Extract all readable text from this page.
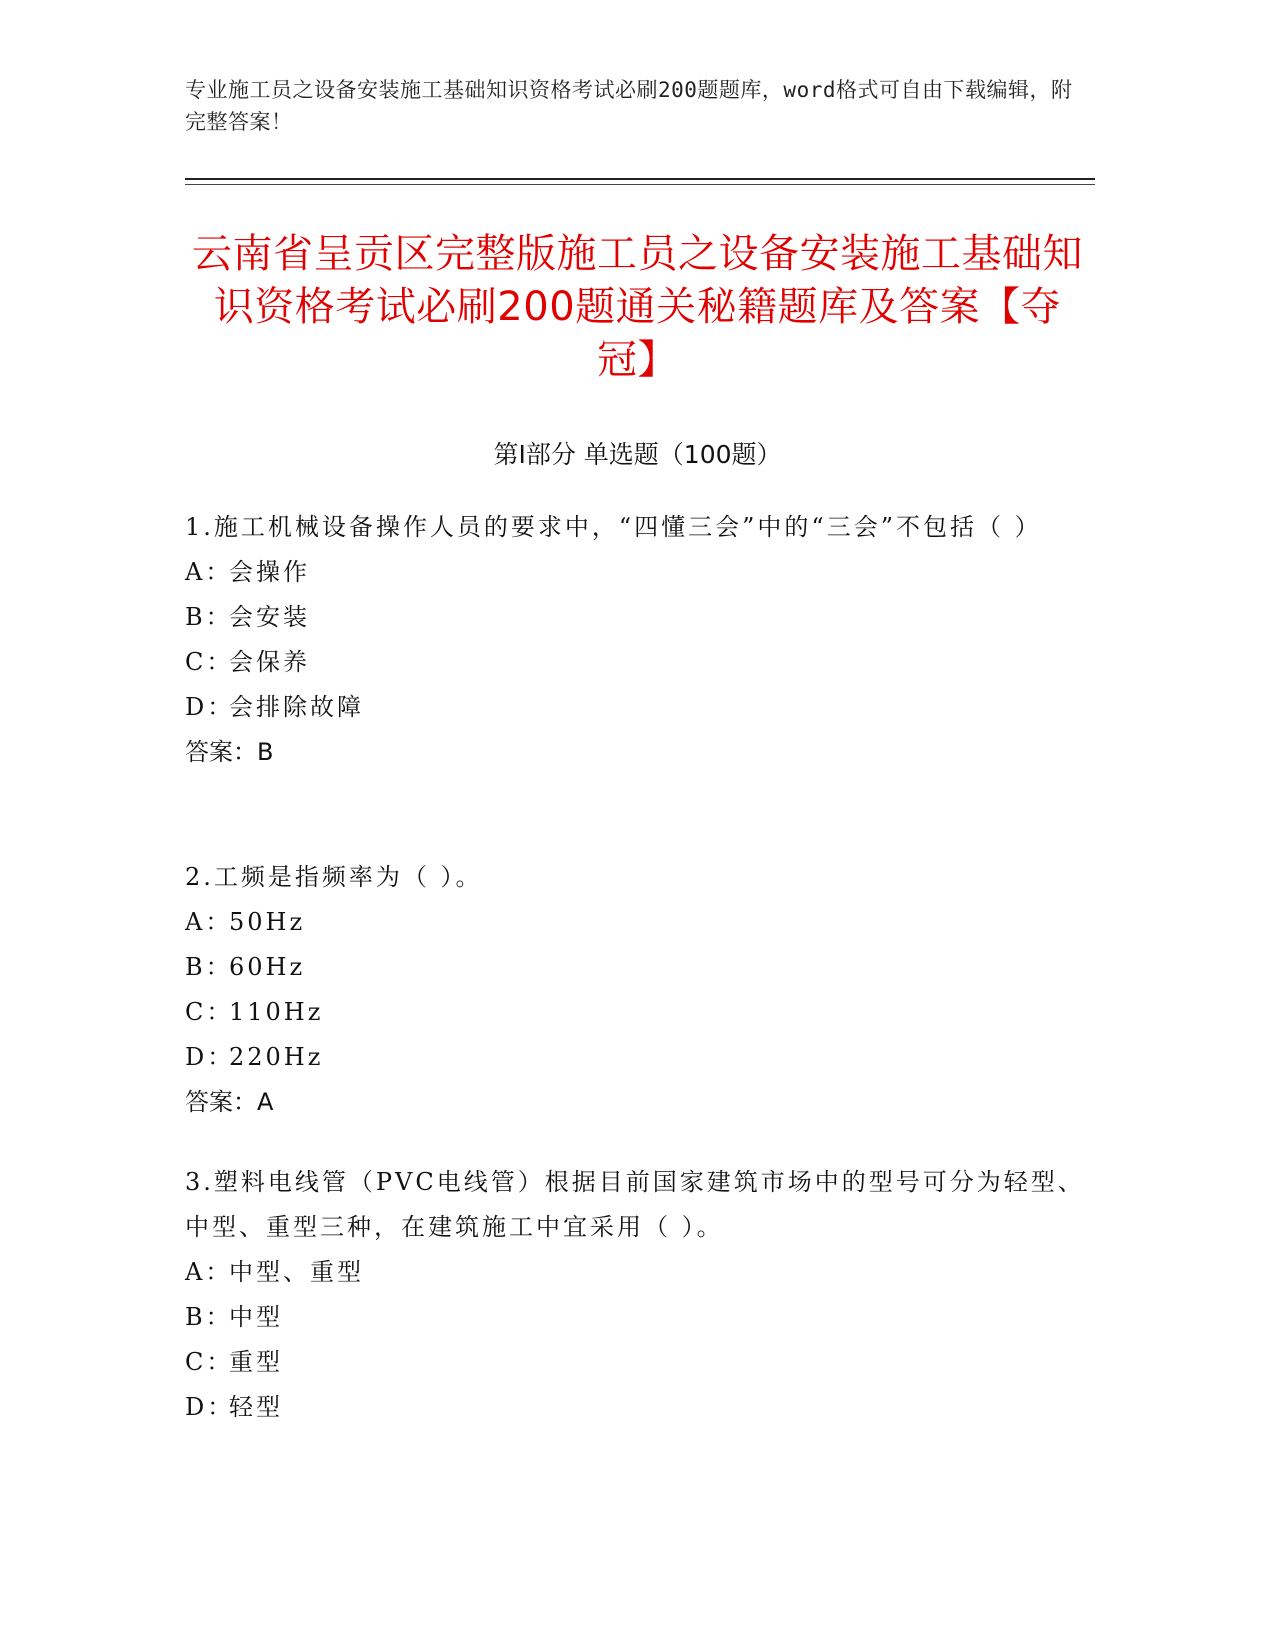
专业施工员之设备安装施工基础知识资格考试必刷200题题库，word格式可自由下载编辑，附完整答案！
云南省呈贡区完整版施工员之设备安装施工基础知识资格考试必刷200题通关秘籍题库及答案【夺冠】
第Ⅰ部分 单选题（100题）
1.施工机械设备操作人员的要求中，“四懂三会”中的“三会”不包括（ ）
A：会操作
B：会安装
C：会保养
D：会排除故障
答案：B
2.工频是指频率为（ ）。
A：50Hz
B：60Hz
C：110Hz
D：220Hz
答案：A
3.塑料电线管（PVC电线管）根据目前国家建筑市场中的型号可分为轻型、中型、重型三种，在建筑施工中宜采用（ ）。
A：中型、重型
B：中型
C：重型
D：轻型
